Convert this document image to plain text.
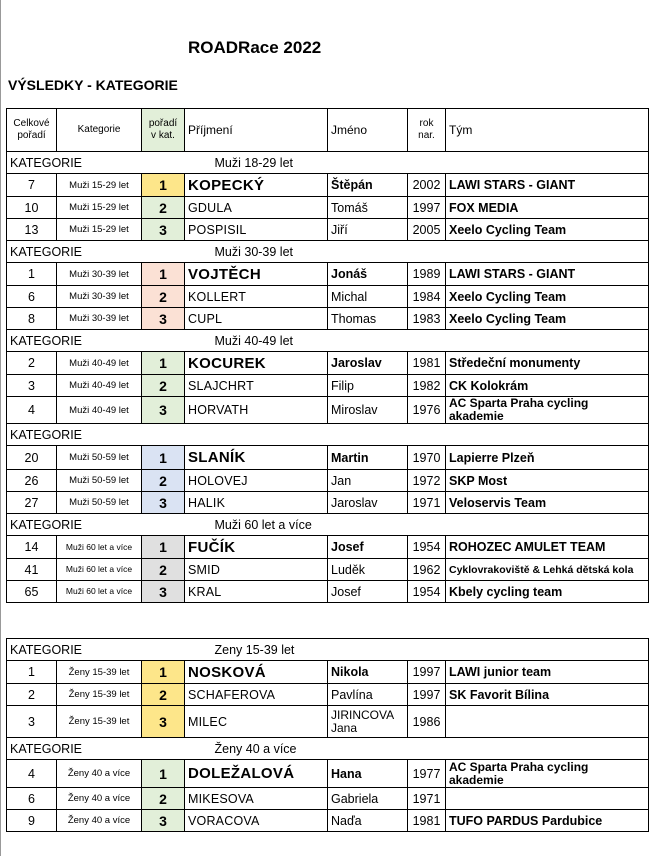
ROADRace 2022
VÝSLEDKY - KATEGORIE
Celkové pořadí	Kategorie	pořadí v kat.	Příjmení	Jméno	rok nar.	Tým
KATEGORIE			Muži 18-29 let			
7	Muži 15-29 let	1	KOPECKÝ	Štěpán	2002	LAWI STARS - GIANT
10	Muži 15-29 let	2	GDULA	Tomáš	1997	FOX MEDIA
13	Muži 15-29 let	3	POSPISIL	Jiří	2005	Xeelo Cycling Team
KATEGORIE			Muži 30-39 let			
1	Muži 30-39 let	1	VOJTĚCH	Jonáš	1989	LAWI STARS - GIANT
6	Muži 30-39 let	2	KOLLERT	Michal	1984	Xeelo Cycling Team
8	Muži 30-39 let	3	CUPL	Thomas	1983	Xeelo Cycling Team
KATEGORIE			Muži 40-49 let			
2	Muži 40-49 let	1	KOCUREK	Jaroslav	1981	Středeční monumenty
3	Muži 40-49 let	2	SLAJCHRT	Filip	1982	CK Kolokrám
4	Muži 40-49 let	3	HORVATH	Miroslav	1976	AC Sparta Praha cycling akademie
KATEGORIE						
20	Muži 50-59 let	1	SLANÍK	Martin	1970	Lapierre Plzeň
26	Muži 50-59 let	2	HOLOVEJ	Jan	1972	SKP Most
27	Muži 50-59 let	3	HALIK	Jaroslav	1971	Veloservis Team
KATEGORIE			Muži 60 let a více			
14	Muži 60 let a více	1	FUČÍK	Josef	1954	ROHOZEC AMULET TEAM
41	Muži 60 let a více	2	SMID	Luděk	1962	Cyklovrakoviště & Lehká dětská kola
65	Muži 60 let a více	3	KRAL	Josef	1954	Kbely cycling team
KATEGORIE			Zeny 15-39 let			
1	Ženy 15-39 let	1	NOSKOVÁ	Nikola	1997	LAWI junior team
2	Ženy 15-39 let	2	SCHAFEROVA	Pavlína	1997	SK Favorit Bílina
3	Ženy 15-39 let	3	MILEC	JIRINCOVA Jana	1986	
KATEGORIE			Ženy 40 a více			
4	Ženy 40 a více	1	DOLEŽALOVÁ	Hana	1977	AC Sparta Praha cycling akademie
6	Ženy 40 a více	2	MIKESOVA	Gabriela	1971	
9	Ženy 40 a více	3	VORACOVA	Naďa	1981	TUFO PARDUS Pardubice
